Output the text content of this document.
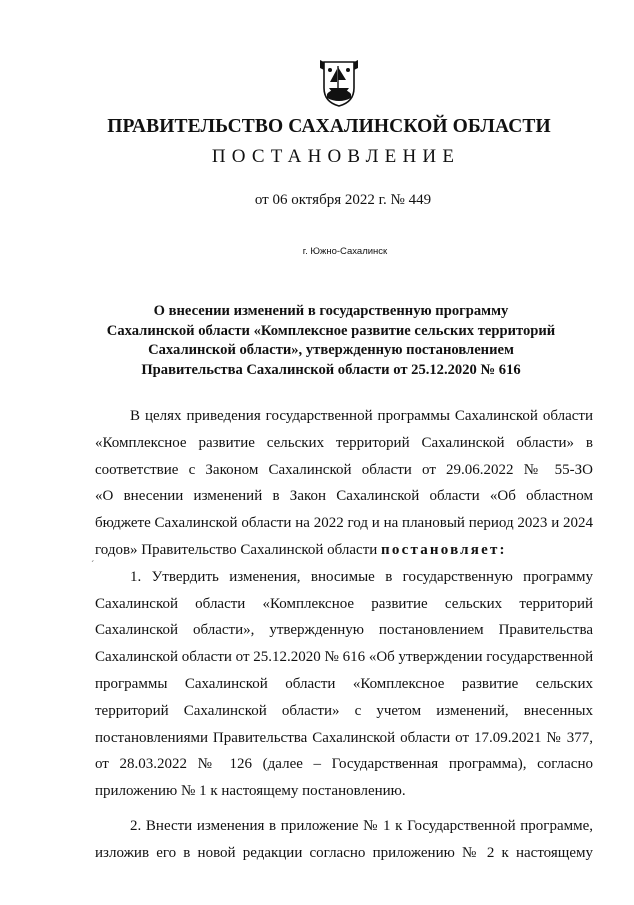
ПРАВИТЕЛЬСТВО САХАЛИНСКОЙ ОБЛАСТИ
ПОСТАНОВЛЕНИЕ
от 06 октября 2022 г. № 449
г. Южно-Сахалинск
О внесении изменений в государственную программу
Сахалинской области «Комплексное развитие сельских территорий
Сахалинской области», утвержденную постановлением
Правительства Сахалинской области от 25.12.2020 № 616
´
В целях приведения государственной программы Сахалинской области
«Комплексное развитие сельских территорий Сахалинской области» в
соответствие с Законом Сахалинской области от 29.06.2022 № 55-ЗО
«О внесении изменений в Закон Сахалинской области «Об областном
бюджете Сахалинской области на 2022 год и на плановый период 2023 и 2024
годов» Правительство Сахалинской области постановляет:
1. Утвердить изменения, вносимые в государственную программу
Сахалинской области «Комплексное развитие сельских территорий
Сахалинской области», утвержденную постановлением Правительства
Сахалинской области от 25.12.2020 № 616 «Об утверждении государственной
программы Сахалинской области «Комплексное развитие сельских
территорий Сахалинской области» с учетом изменений, внесенных
постановлениями Правительства Сахалинской области от 17.09.2021 № 377,
от 28.03.2022 № 126 (далее – Государственная программа), согласно
приложению № 1 к настоящему постановлению.
2. Внести изменения в приложение № 1 к Государственной программе,
изложив его в новой редакции согласно приложению № 2 к настоящему
